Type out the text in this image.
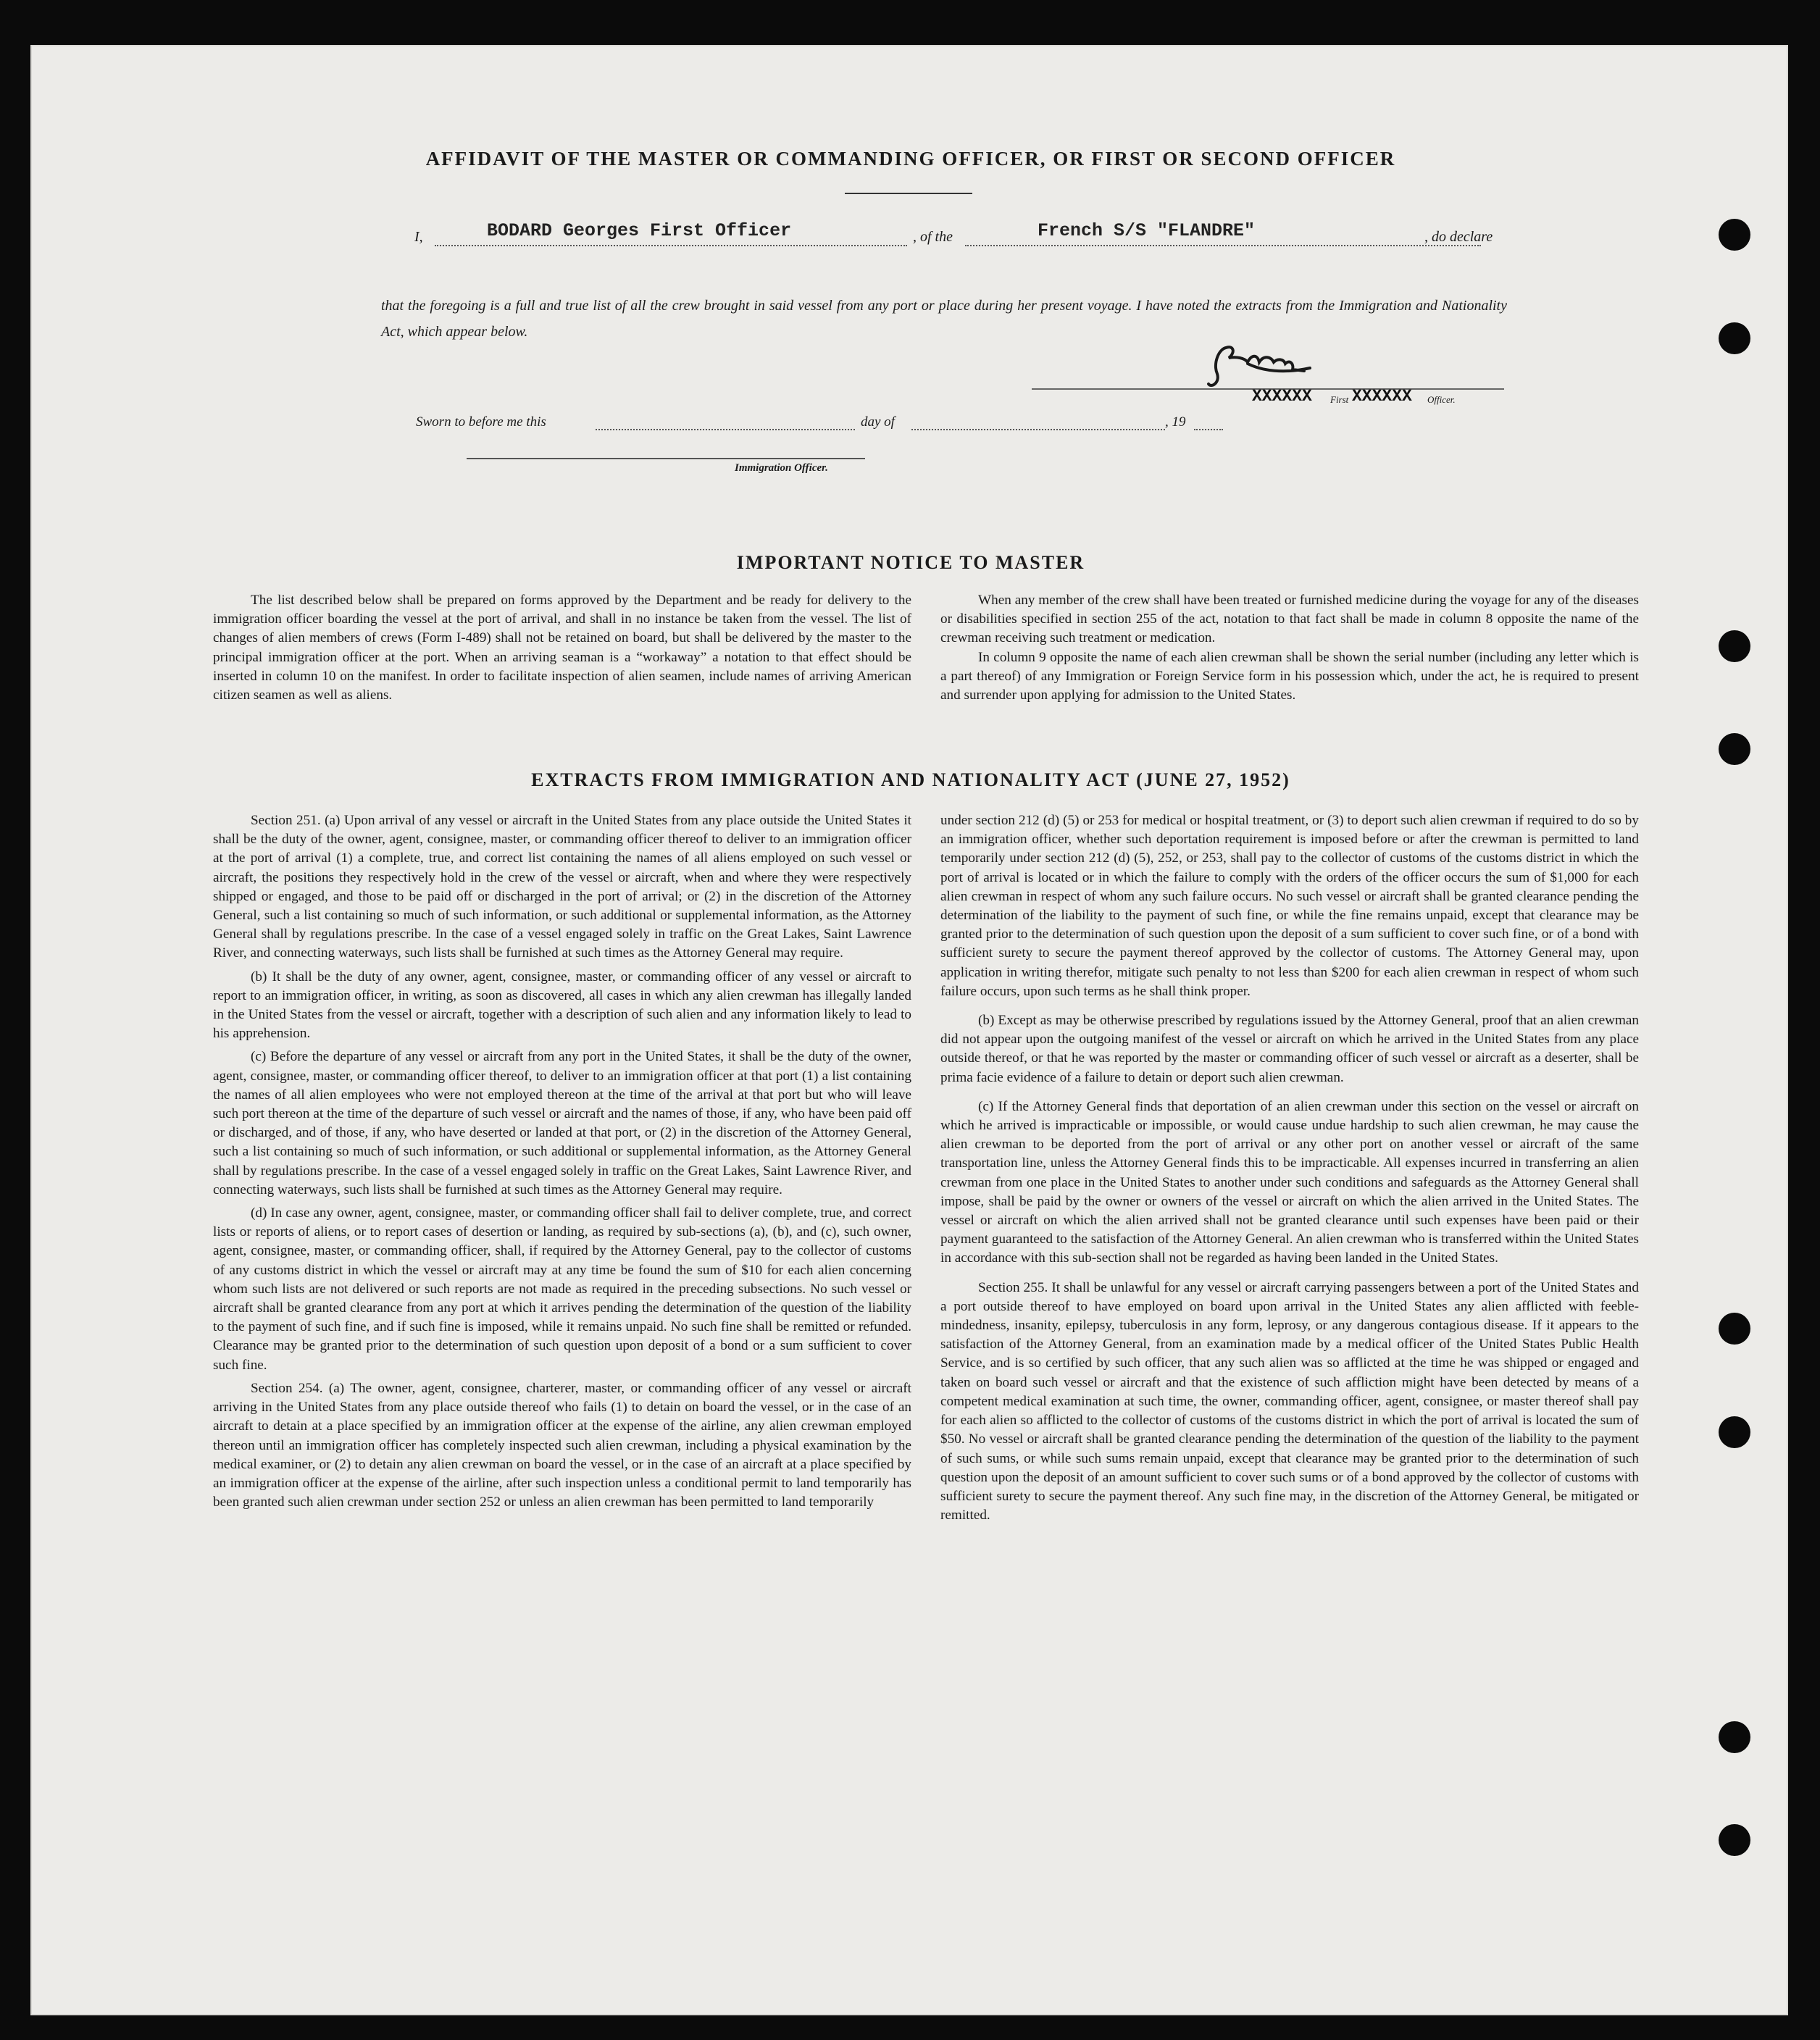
AFFIDAVIT OF THE MASTER OR COMMANDING OFFICER, OR FIRST OR SECOND OFFICER
I,	BODARD Georges First Officer	, of the	French S/S "FLANDRE"	, do declare
that the foregoing is a full and true list of all the crew brought in said vessel from any port or place during her present voyage. I have noted the extracts from the Immigration and Nationality Act, which appear below.
XXXXXX First XXXXXX Officer.
Sworn to before me this	day of	, 19
Immigration Officer.
IMPORTANT NOTICE TO MASTER

The list described below shall be prepared on forms approved by the Department and be ready for delivery to the immigration officer boarding the vessel at the port of arrival, and shall in no instance be taken from the vessel. The list of changes of alien members of crews (Form I-489) shall not be retained on board, but shall be delivered by the master to the principal immigration officer at the port. When an arriving seaman is a “workaway” a notation to that effect should be inserted in column 10 on the manifest. In order to facilitate inspection of alien seamen, include names of arriving American citizen seamen as well as aliens.

When any member of the crew shall have been treated or furnished medicine during the voyage for any of the diseases or disabilities specified in section 255 of the act, notation to that fact shall be made in column 8 opposite the name of the crewman receiving such treatment or medication.

In column 9 opposite the name of each alien crewman shall be shown the serial number (including any letter which is a part thereof) of any Immigration or Foreign Service form in his possession which, under the act, he is required to present and surrender upon applying for admission to the United States.

EXTRACTS FROM IMMIGRATION AND NATIONALITY ACT (JUNE 27, 1952)

Section 251. (a) Upon arrival of any vessel or aircraft in the United States from any place outside the United States it shall be the duty of the owner, agent, consignee, master, or commanding officer thereof to deliver to an immigration officer at the port of arrival (1) a complete, true, and correct list containing the names of all aliens employed on such vessel or aircraft, the positions they respectively hold in the crew of the vessel or aircraft, when and where they were respectively shipped or engaged, and those to be paid off or discharged in the port of arrival; or (2) in the discretion of the Attorney General, such a list containing so much of such information, or such additional or supplemental information, as the Attorney General shall by regulations prescribe. In the case of a vessel engaged solely in traffic on the Great Lakes, Saint Lawrence River, and connecting waterways, such lists shall be furnished at such times as the Attorney General may require.

(b) It shall be the duty of any owner, agent, consignee, master, or commanding officer of any vessel or aircraft to report to an immigration officer, in writing, as soon as discovered, all cases in which any alien crewman has illegally landed in the United States from the vessel or aircraft, together with a description of such alien and any information likely to lead to his apprehension.

(c) Before the departure of any vessel or aircraft from any port in the United States, it shall be the duty of the owner, agent, consignee, master, or commanding officer thereof, to deliver to an immigration officer at that port (1) a list containing the names of all alien employees who were not employed thereon at the time of the arrival at that port but who will leave such port thereon at the time of the departure of such vessel or aircraft and the names of those, if any, who have been paid off or discharged, and of those, if any, who have deserted or landed at that port, or (2) in the discretion of the Attorney General, such a list containing so much of such information, or such additional or supplemental information, as the Attorney General shall by regulations prescribe. In the case of a vessel engaged solely in traffic on the Great Lakes, Saint Lawrence River, and connecting waterways, such lists shall be furnished at such times as the Attorney General may require.

(d) In case any owner, agent, consignee, master, or commanding officer shall fail to deliver complete, true, and correct lists or reports of aliens, or to report cases of desertion or landing, as required by sub-sections (a), (b), and (c), such owner, agent, consignee, master, or commanding officer, shall, if required by the Attorney General, pay to the collector of customs of any customs district in which the vessel or aircraft may at any time be found the sum of $10 for each alien concerning whom such lists are not delivered or such reports are not made as required in the preceding subsections. No such vessel or aircraft shall be granted clearance from any port at which it arrives pending the determination of the question of the liability to the payment of such fine, and if such fine is imposed, while it remains unpaid. No such fine shall be remitted or refunded. Clearance may be granted prior to the determination of such question upon deposit of a bond or a sum sufficient to cover such fine.

Section 254. (a) The owner, agent, consignee, charterer, master, or commanding officer of any vessel or aircraft arriving in the United States from any place outside thereof who fails (1) to detain on board the vessel, or in the case of an aircraft to detain at a place specified by an immigration officer at the expense of the airline, any alien crewman employed thereon until an immigration officer has completely inspected such alien crewman, including a physical examination by the medical examiner, or (2) to detain any alien crewman on board the vessel, or in the case of an aircraft at a place specified by an immigration officer at the expense of the airline, after such inspection unless a conditional permit to land temporarily has been granted such alien crewman under section 252 or unless an alien crewman has been permitted to land temporarily

under section 212 (d) (5) or 253 for medical or hospital treatment, or (3) to deport such alien crewman if required to do so by an immigration officer, whether such deportation requirement is imposed before or after the crewman is permitted to land temporarily under section 212 (d) (5), 252, or 253, shall pay to the collector of customs of the customs district in which the port of arrival is located or in which the failure to comply with the orders of the officer occurs the sum of $1,000 for each alien crewman in respect of whom any such failure occurs. No such vessel or aircraft shall be granted clearance pending the determination of the liability to the payment of such fine, or while the fine remains unpaid, except that clearance may be granted prior to the determination of such question upon the deposit of a sum sufficient to cover such fine, or of a bond with sufficient surety to secure the payment thereof approved by the collector of customs. The Attorney General may, upon application in writing therefor, mitigate such penalty to not less than $200 for each alien crewman in respect of whom such failure occurs, upon such terms as he shall think proper.

(b) Except as may be otherwise prescribed by regulations issued by the Attorney General, proof that an alien crewman did not appear upon the outgoing manifest of the vessel or aircraft on which he arrived in the United States from any place outside thereof, or that he was reported by the master or commanding officer of such vessel or aircraft as a deserter, shall be prima facie evidence of a failure to detain or deport such alien crewman.

(c) If the Attorney General finds that deportation of an alien crewman under this section on the vessel or aircraft on which he arrived is impracticable or impossible, or would cause undue hardship to such alien crewman, he may cause the alien crewman to be deported from the port of arrival or any other port on another vessel or aircraft of the same transportation line, unless the Attorney General finds this to be impracticable. All expenses incurred in transferring an alien crewman from one place in the United States to another under such conditions and safeguards as the Attorney General shall impose, shall be paid by the owner or owners of the vessel or aircraft on which the alien arrived in the United States. The vessel or aircraft on which the alien arrived shall not be granted clearance until such expenses have been paid or their payment guaranteed to the satisfaction of the Attorney General. An alien crewman who is transferred within the United States in accordance with this sub-section shall not be regarded as having been landed in the United States.

Section 255. It shall be unlawful for any vessel or aircraft carrying passengers between a port of the United States and a port outside thereof to have employed on board upon arrival in the United States any alien afflicted with feeble-mindedness, insanity, epilepsy, tuberculosis in any form, leprosy, or any dangerous contagious disease. If it appears to the satisfaction of the Attorney General, from an examination made by a medical officer of the United States Public Health Service, and is so certified by such officer, that any such alien was so afflicted at the time he was shipped or engaged and taken on board such vessel or aircraft and that the existence of such affliction might have been detected by means of a competent medical examination at such time, the owner, commanding officer, agent, consignee, or master thereof shall pay for each alien so afflicted to the collector of customs of the customs district in which the port of arrival is located the sum of $50. No vessel or aircraft shall be granted clearance pending the determination of the question of the liability to the payment of such sums, or while such sums remain unpaid, except that clearance may be granted prior to the determination of such question upon the deposit of an amount sufficient to cover such sums or of a bond approved by the collector of customs with sufficient surety to secure the payment thereof. Any such fine may, in the discretion of the Attorney General, be mitigated or remitted.
